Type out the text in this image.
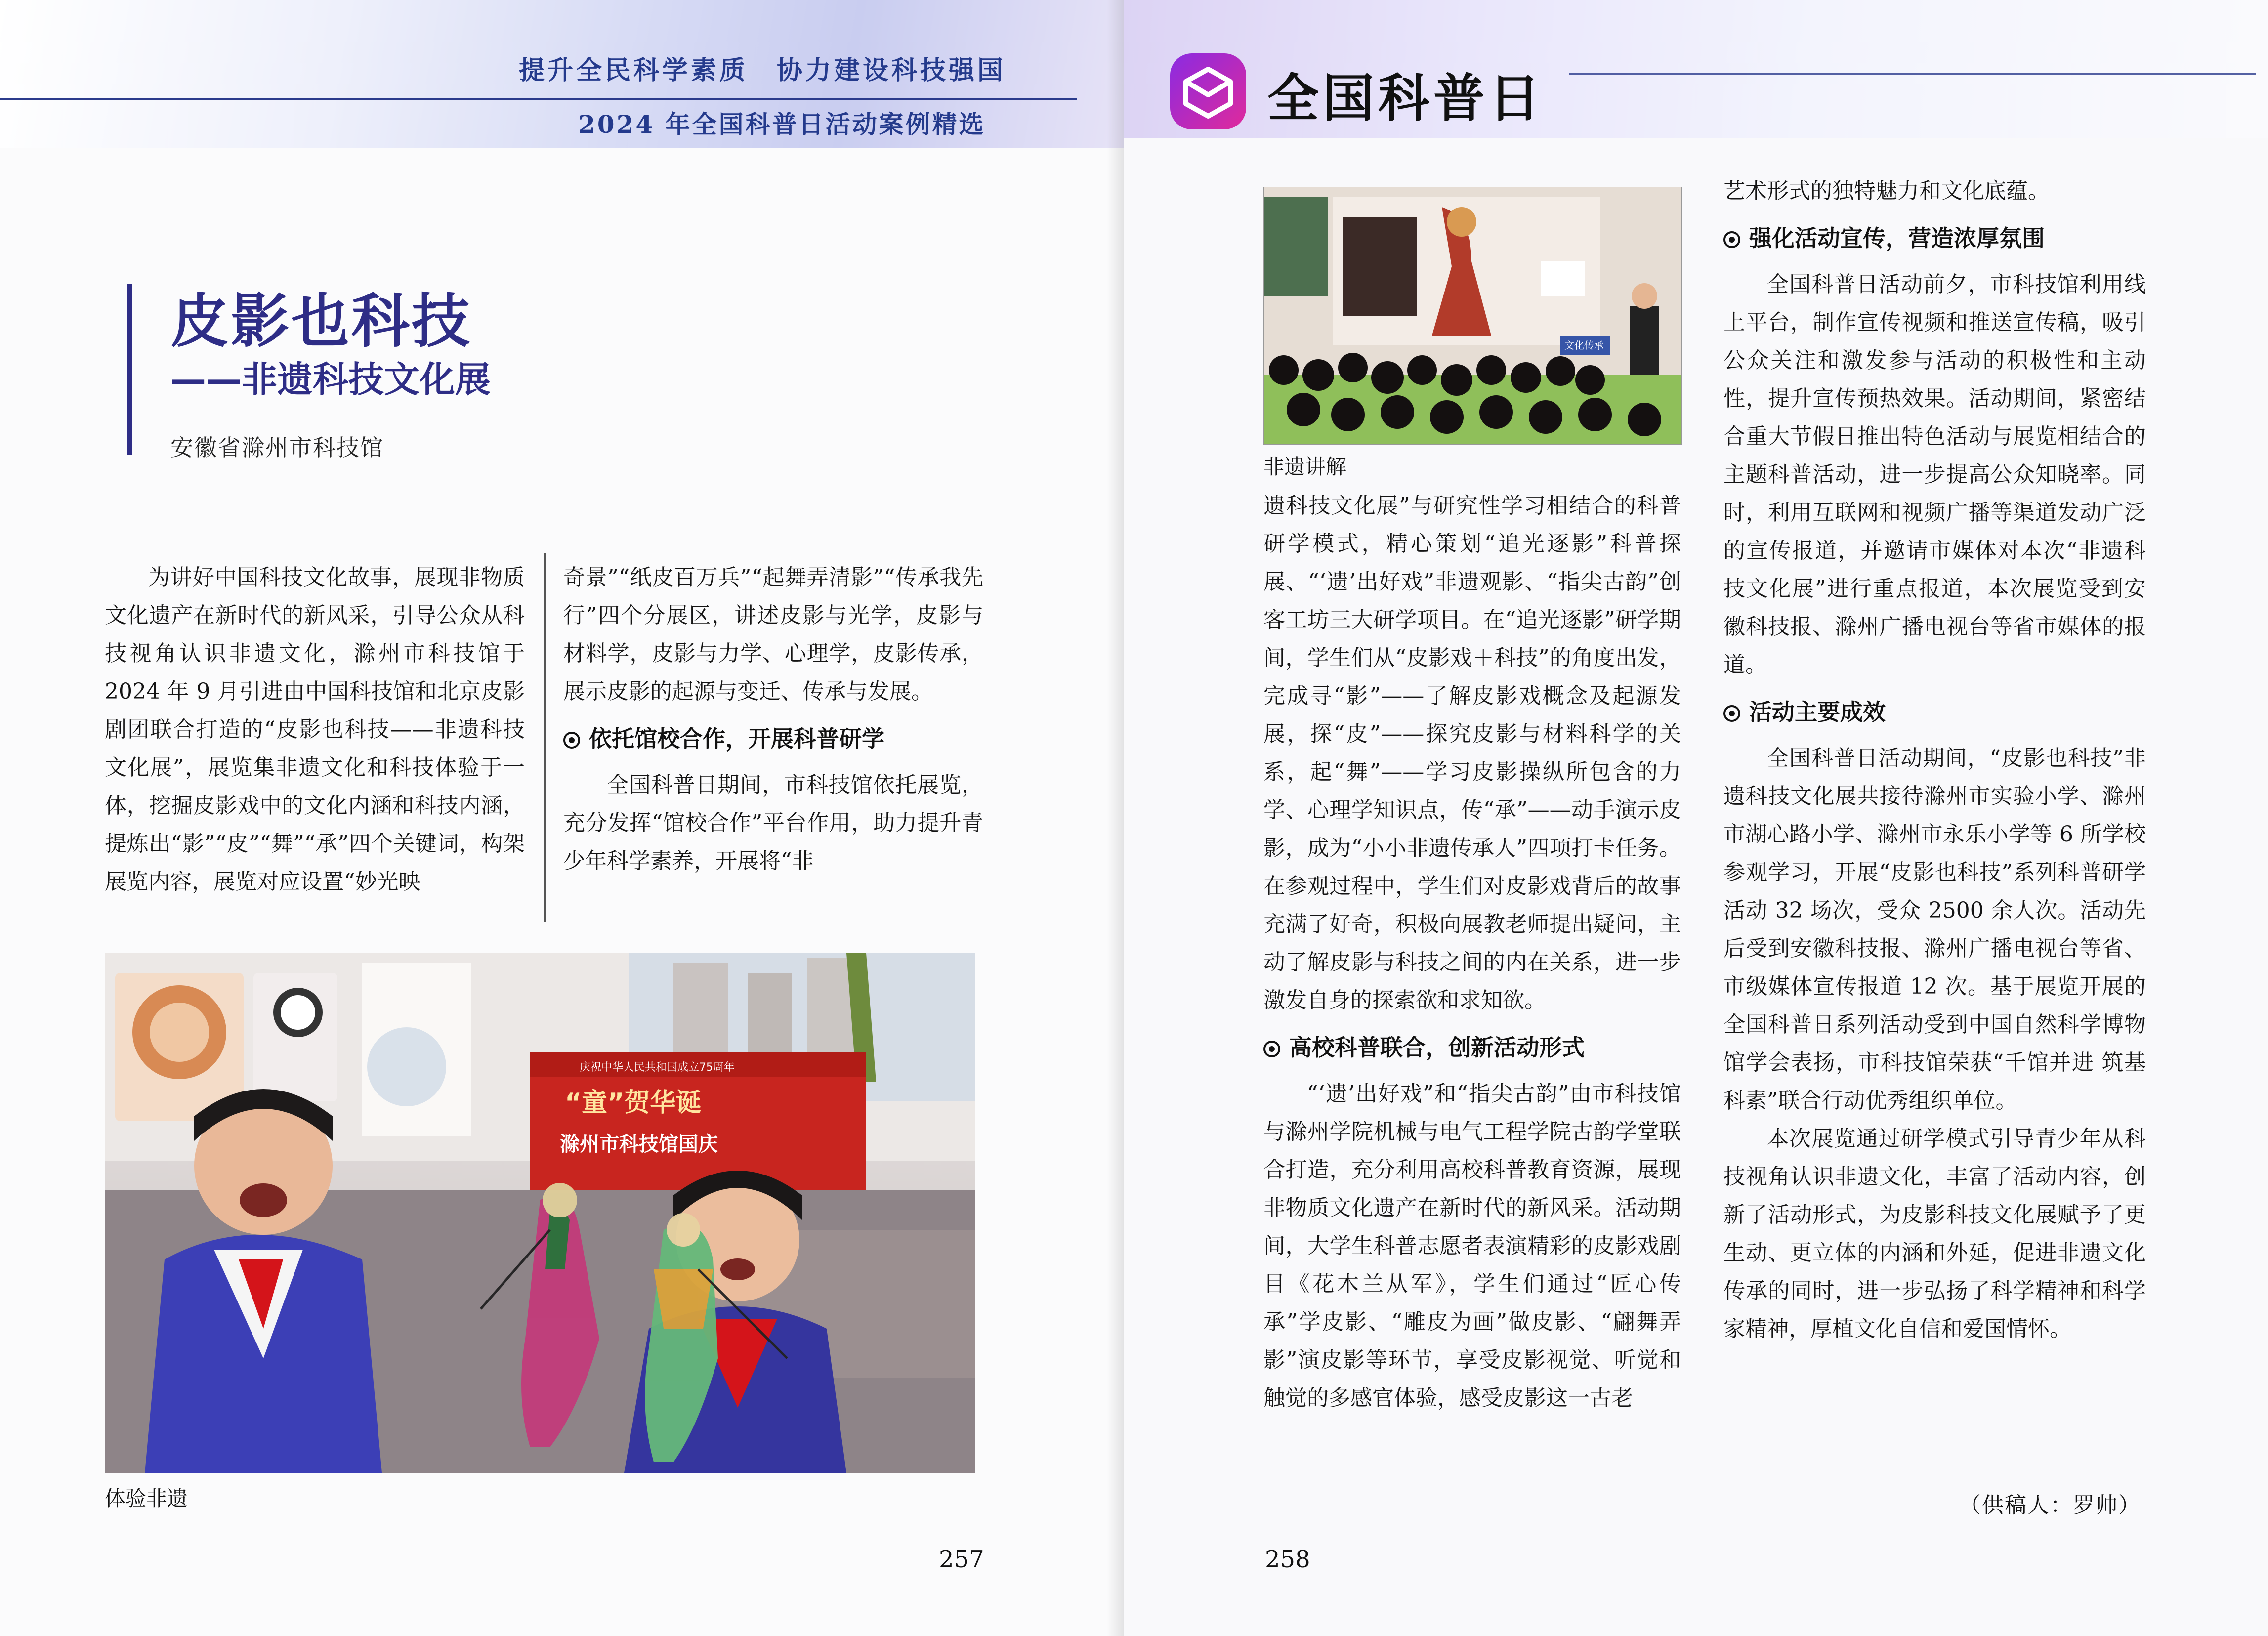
提升全民科学素质　协力建设科技强国
2024 年全国科普日活动案例精选
皮影也科技
——非遗科技文化展
安徽省滁州市科技馆

为讲好中国科技文化故事，展现非物质文化遗产在新时代的新风采，引导公众从科技视角认识非遗文化，滁州市科技馆于 2024 年 9 月引进由中国科技馆和北京皮影剧团联合打造的“皮影也科技——非遗科技文化展”，展览集非遗文化和科技体验于一体，挖掘皮影戏中的文化内涵和科技内涵，提炼出“影”“皮”“舞”“承”四个关键词，构架展览内容，展览对应设置“妙光映

奇景”“纸皮百万兵”“起舞弄清影”“传承我先行”四个分展区，讲述皮影与光学，皮影与材料学，皮影与力学、心理学，皮影传承，展示皮影的起源与变迁、传承与发展。

依托馆校合作，开展科普研学

全国科普日期间，市科技馆依托展览，充分发挥“馆校合作”平台作用，助力提升青少年科学素养，开展将“非

庆祝中华人民共和国成立75周年
“童”贺华诞
滁州市科技馆国庆
体验非遗
257
全国科普日
文化传承
非遗讲解

遗科技文化展”与研究性学习相结合的科普研学模式，精心策划“追光逐影”科普探展、“‘遗’出好戏”非遗观影、“指尖古韵”创客工坊三大研学项目。在“追光逐影”研学期间，学生们从“皮影戏＋科技”的角度出发，完成寻“影”——了解皮影戏概念及起源发展，探“皮”——探究皮影与材料科学的关系，起“舞”——学习皮影操纵所包含的力学、心理学知识点，传“承”——动手演示皮影，成为“小小非遗传承人”四项打卡任务。在参观过程中，学生们对皮影戏背后的故事充满了好奇，积极向展教老师提出疑问，主动了解皮影与科技之间的内在关系，进一步激发自身的探索欲和求知欲。

高校科普联合，创新活动形式

“‘遗’出好戏”和“指尖古韵”由市科技馆与滁州学院机械与电气工程学院古韵学堂联合打造，充分利用高校科普教育资源，展现非物质文化遗产在新时代的新风采。活动期间，大学生科普志愿者表演精彩的皮影戏剧目《花木兰从军》，学生们通过“匠心传承”学皮影、“雕皮为画”做皮影、“翩舞弄影”演皮影等环节，享受皮影视觉、听觉和触觉的多感官体验，感受皮影这一古老

艺术形式的独特魅力和文化底蕴。

强化活动宣传，营造浓厚氛围

全国科普日活动前夕，市科技馆利用线上平台，制作宣传视频和推送宣传稿，吸引公众关注和激发参与活动的积极性和主动性，提升宣传预热效果。活动期间，紧密结合重大节假日推出特色活动与展览相结合的主题科普活动，进一步提高公众知晓率。同时，利用互联网和视频广播等渠道发动广泛的宣传报道，并邀请市媒体对本次“非遗科技文化展”进行重点报道，本次展览受到安徽科技报、滁州广播电视台等省市媒体的报道。

活动主要成效

全国科普日活动期间，“皮影也科技”非遗科技文化展共接待滁州市实验小学、滁州市湖心路小学、滁州市永乐小学等 6 所学校参观学习，开展“皮影也科技”系列科普研学活动 32 场次，受众 2500 余人次。活动先后受到安徽科技报、滁州广播电视台等省、市级媒体宣传报道 12 次。基于展览开展的全国科普日系列活动受到中国自然科学博物馆学会表扬，市科技馆荣获“千馆并进 筑基科素”联合行动优秀组织单位。

本次展览通过研学模式引导青少年从科技视角认识非遗文化，丰富了活动内容，创新了活动形式，为皮影科技文化展赋予了更生动、更立体的内涵和外延，促进非遗文化传承的同时，进一步弘扬了科学精神和科学家精神，厚植文化自信和爱国情怀。

（供稿人：罗帅）
258
